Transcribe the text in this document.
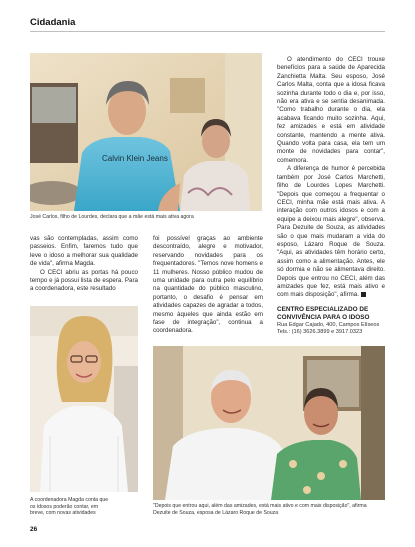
Cidadania
Calvin Klein Jeans
José Carlos, filho de Lourdes, declara que a mãe está mais ativa agora

O atendimento do CECI trouxe benefícios para a saúde de Aparecida Zanchietta Malta. Seu esposo, José Carlos Malta, conta que a idosa ficava sozinha durante todo o dia e, por isso, não era ativa e se sentia desanimada. "Como trabalho durante o dia, ela acabava ficando muito sozinha. Aqui, fez amizades e está em atividade constante, mantendo a mente ativa. Quando volta para casa, ela tem um monte de novidades para contar", comemora.

A diferença de humor é percebida também por José Carlos Marchetti, filho de Lourdes Lopes Marchetti. "Depois que começou a frequentar o CECI, minha mãe está mais ativa. A interação com outros idosos e com a equipe a deixou mais alegre", observa. Para Dezuite de Souza, as atividades são o que mais mudaram a vida do esposo, Lázaro Roque de Souza. "Aqui, as atividades têm horário certo, assim como a alimentação. Antes, ele só dormia e não se alimentava direito. Depois que entrou no CECI, além das amizades que fez, está mais ativo e com mais disposição", afirma.

CENTRO ESPECIALIZADO DE CONVIVÊNCIA PARA O IDOSO
Rua Edgar Cajado, 400, Campos Elíseos
Tels.: (16) 3626.3899 e 3917.0323

vas são contempladas, assim como passeios. Enfim, faremos tudo que leve o idoso a melhorar sua qualidade de vida", afirma Magda.

O CECI abriu as portas há pouco tempo e já possui lista de espera. Para a coordenadora, este resultado

foi possível graças ao ambiente descontraído, alegre e motivador, reservando novidades para os frequentadores. "Temos nove homens e 11 mulheres. Nosso público mudou de uma unidade para outra pelo equilíbrio na quantidade do público masculino, portanto, o desafio é pensar em atividades capazes de agradar a todos, mesmo àqueles que ainda estão em fase de integração", continua a coordenadora.

A coordenadora Magda conta que os idosos poderão contar, em breve, com novas atividades
"Depois que entrou aqui, além das amizades, está mais ativo e com mais disposição", afirma Dezuite de Souza, esposa de Lázaro Roque de Souza
26
